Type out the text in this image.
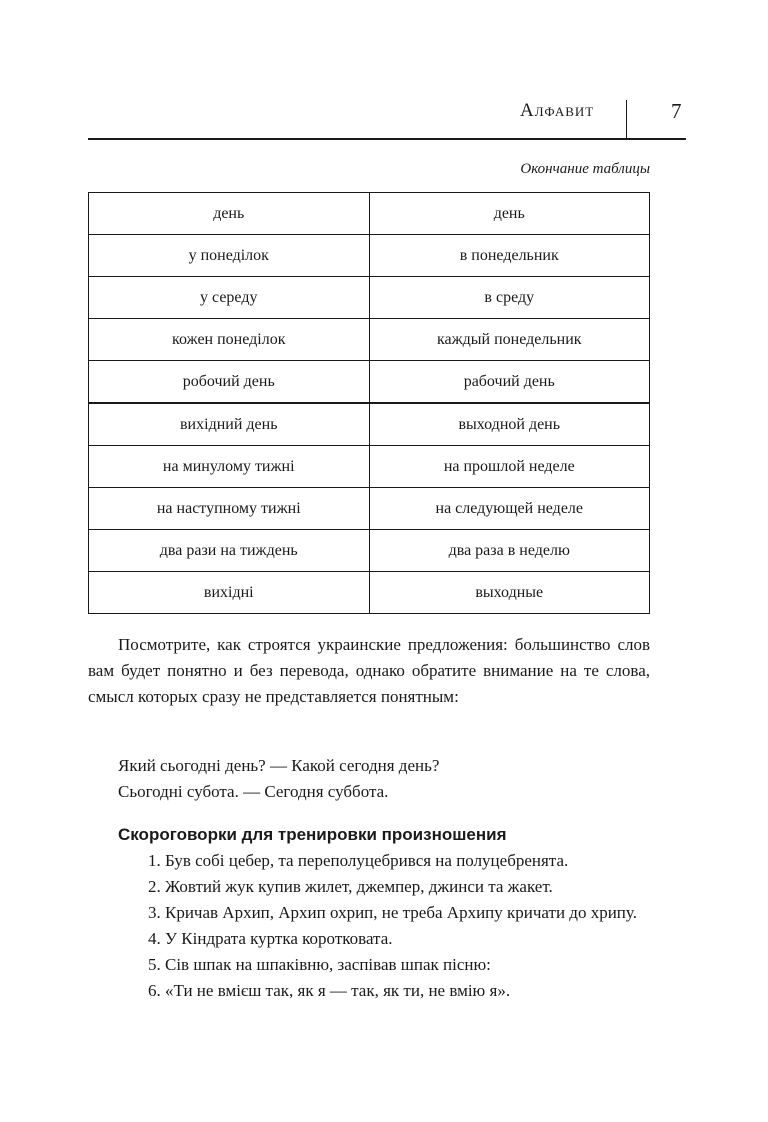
Алфавит	7
Окончание таблицы
день	день
у понеділок	в понедельник
у середу	в среду
кожен понеділок	каждый понедельник
робочий день	рабочий день
вихідний день	выходной день
на минулому тижні	на прошлой неделе
на наступному тижні	на следующей неделе
два рази на тиждень	два раза в неделю
вихідні	выходные

Посмотрите, как строятся украинские предложения: большинство слов вам будет понятно и без перевода, однако обратите внимание на те слова, смысл которых сразу не представляется понятным:

Який сьогодні день? — Какой сегодня день?
Сьогодні субота. — Сегодня суббота.
Скороговорки для тренировки произношения
1. Був собі цебер, та переполуцебрився на полуцебренята.
2. Жовтий жук купив жилет, джемпер, джинси та жакет.
3. Кричав Архип, Архип охрип, не треба Архипу кричати до хрипу.
4. У Кіндрата куртка коротковата.
5. Сів шпак на шпаківню, заспівав шпак пісню:
6. «Ти не вмієш так, як я — так, як ти, не вмію я».
